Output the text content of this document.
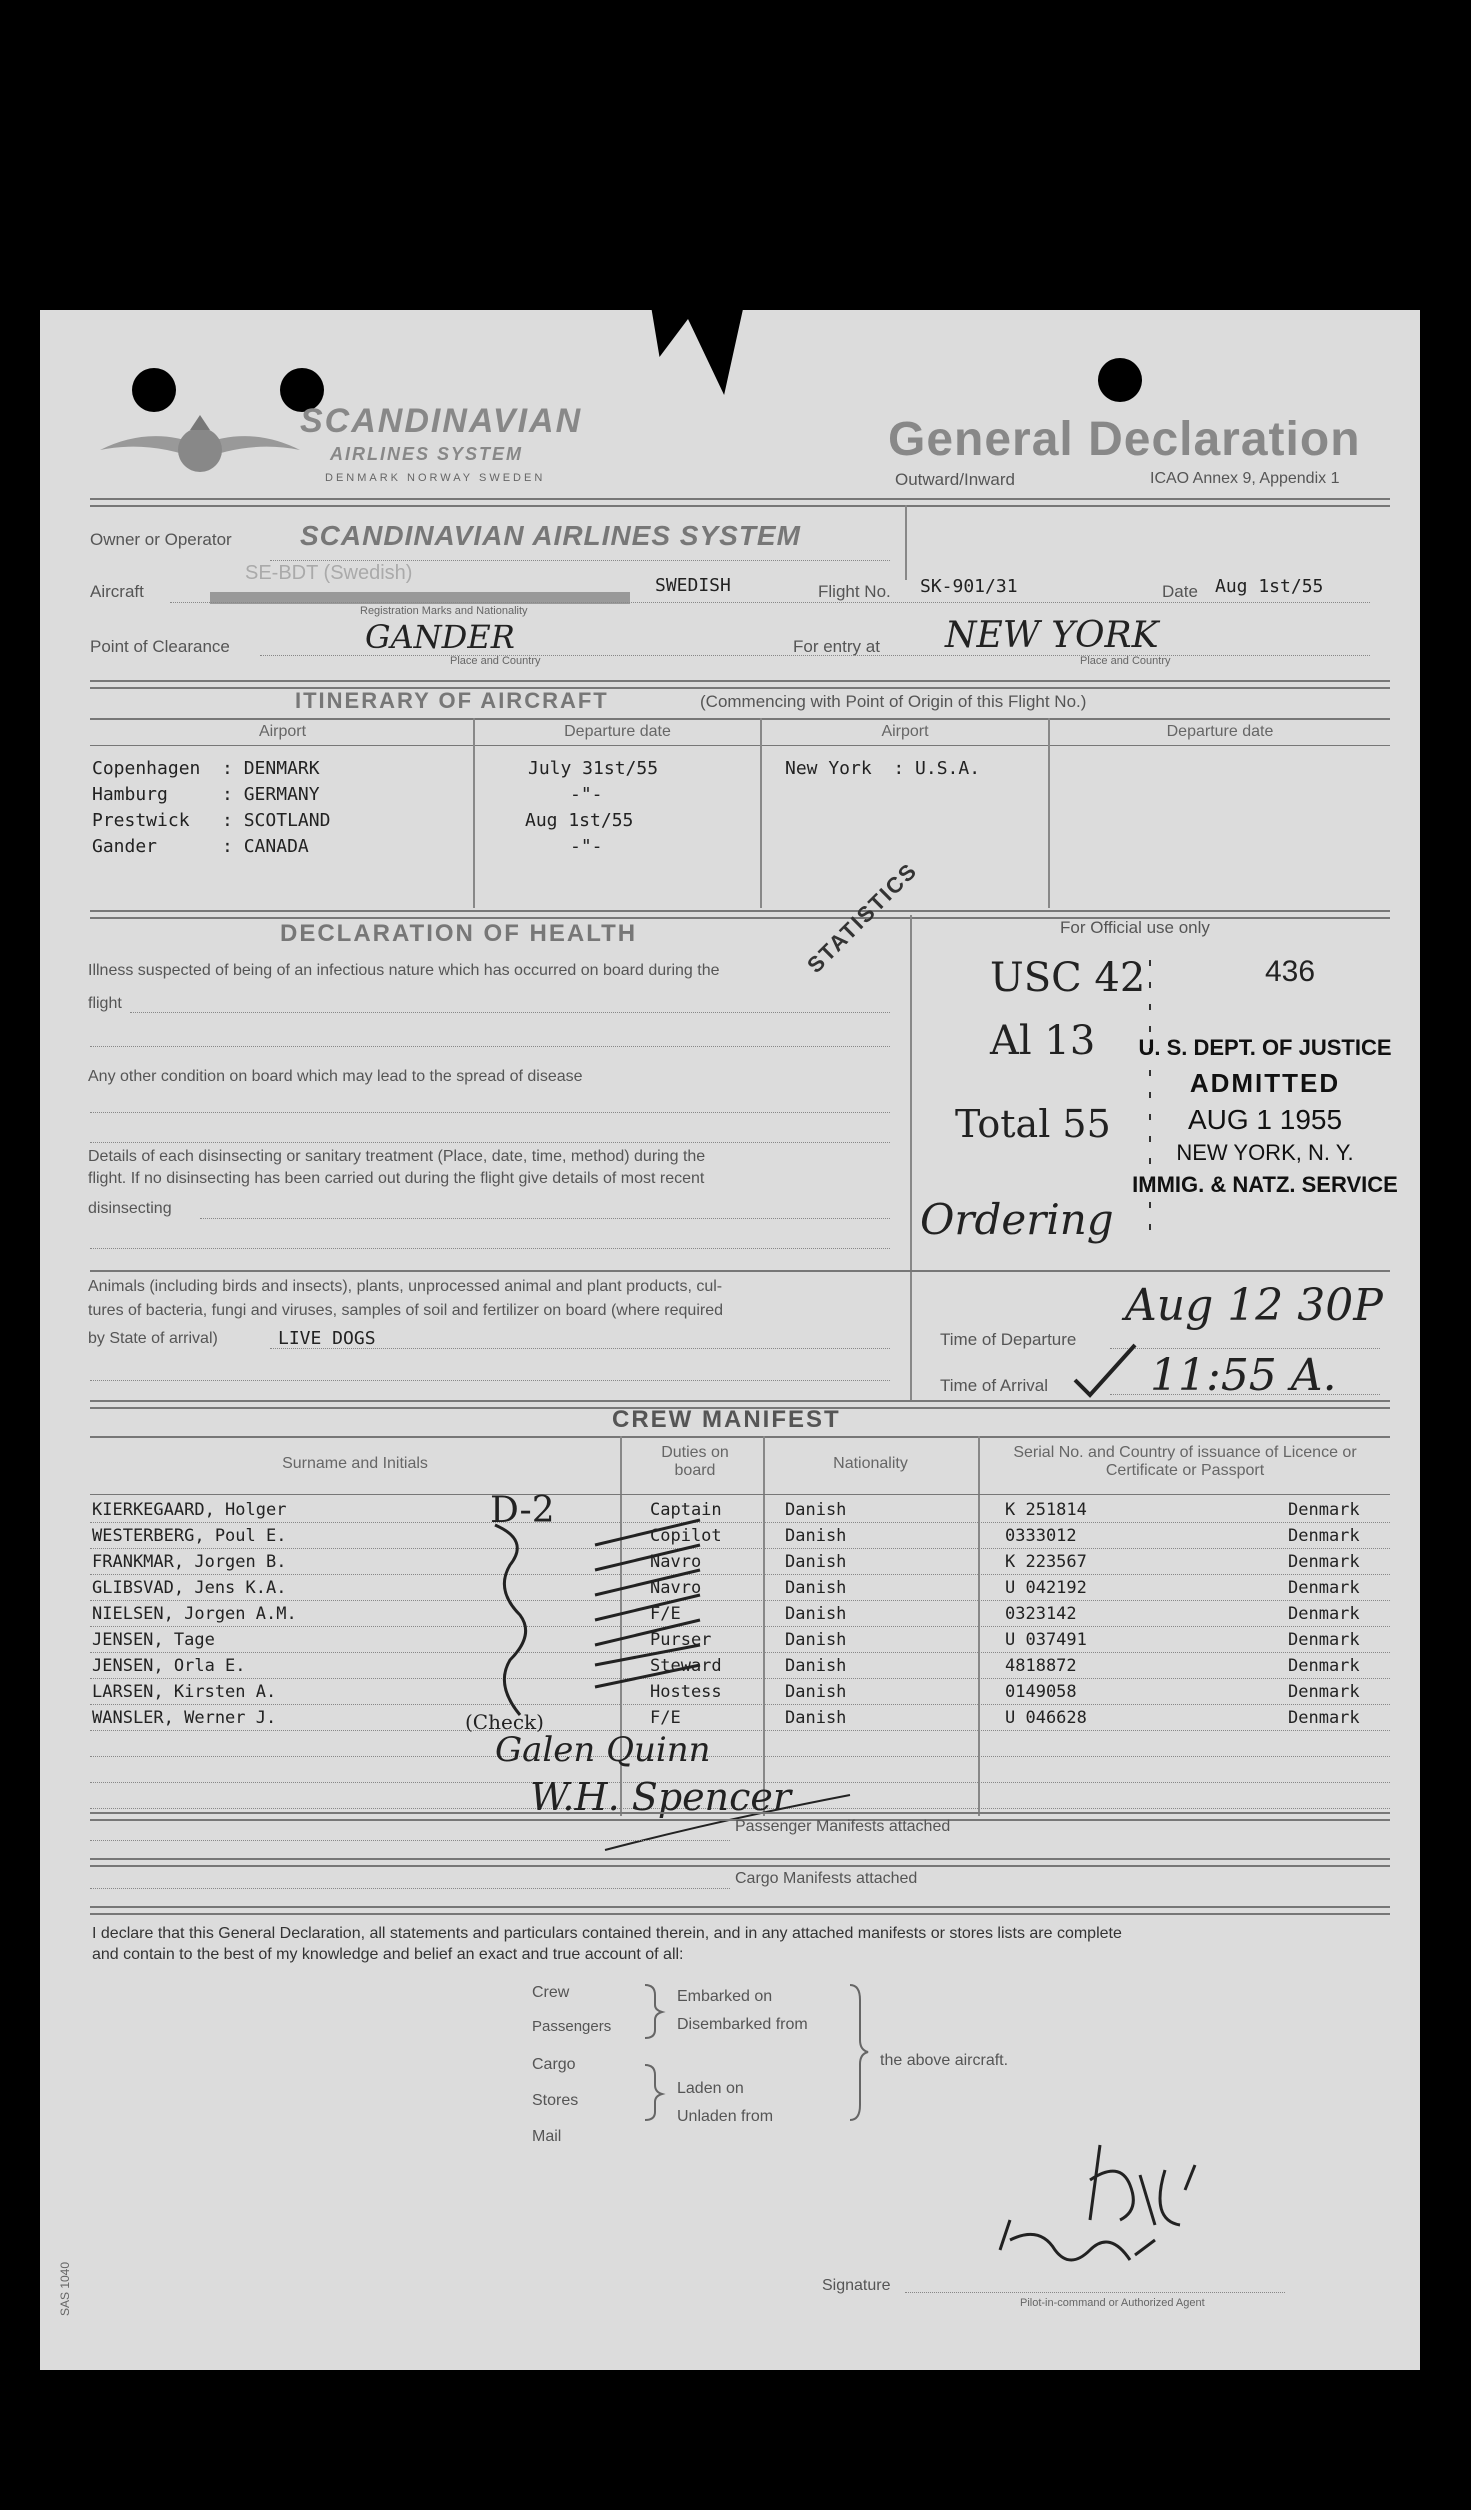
SCANDINAVIAN
AIRLINES SYSTEM
DENMARK NORWAY SWEDEN
General Declaration
Outward/Inward	ICAO Annex 9, Appendix 1
Owner or Operator SCANDINAVIAN AIRLINES SYSTEM
Aircraft
SE-BDT (Swedish)
SWEDISH
Registration Marks and Nationality
Flight No. SK-901/31	Date Aug 1st/55
Point of Clearance	GANDER
Place and Country
For entry at NEW YORK
Place and Country
ITINERARY OF AIRCRAFT	(Commencing with Point of Origin of this Flight No.)
Airport	Departure date	Airport	Departure date
Copenhagen  : DENMARK	July 31st/55	New York  : U.S.A.
Hamburg     : GERMANY	-"-
Prestwick   : SCOTLAND	Aug 1st/55
Gander      : CANADA	-"-
DECLARATION OF HEALTH	For Official use only
STATISTICS
Illness suspected of being of an infectious nature which has occurred on board during the
flight
Any other condition on board which may lead to the spread of disease
Details of each disinsecting or sanitary treatment (Place, date, time, method) during the
flight. If no disinsecting has been carried out during the flight give details of most recent
disinsecting
Animals (including birds and insects), plants, unprocessed animal and plant products, cul-
tures of bacteria, fungi and viruses, samples of soil and fertilizer on board (where required
by State of arrival)	LIVE DOGS
USC 42
Al 13
Total 55
Ordering
436
U. S. DEPT. OF JUSTICE
ADMITTED
AUG 1 1955
NEW YORK, N. Y.
IMMIG. & NATZ. SERVICE
Aug 12 30P
Time of Departure
Time of Arrival 11:55 A.
CREW MANIFEST
Surname and Initials
Duties on board	Nationality
Serial No. and Country of issuance of Licence or Certificate or Passport
KIERKEGAARD, Holger	Captain	Danish	K 251814	Denmark
WESTERBERG, Poul E.	Copilot	Danish	0333012	Denmark
FRANKMAR, Jorgen B.	Navro	Danish	K 223567	Denmark
GLIBSVAD, Jens K.A.	Navro	Danish	U 042192	Denmark
NIELSEN, Jorgen A.M.	F/E	Danish	0323142	Denmark
JENSEN, Tage	Purser	Danish	U 037491	Denmark
JENSEN, Orla E.	Steward	Danish	4818872	Denmark
LARSEN, Kirsten A.	Hostess	Danish	0149058	Denmark
WANSLER, Werner J.	F/E	Danish	U 046628	Denmark
D-2
(Check)
Galen Quinn
W.H. Spencer
Passenger Manifests attached
Cargo Manifests attached
I declare that this General Declaration, all statements and particulars contained therein, and in any attached manifests or stores lists are complete
and contain to the best of my knowledge and belief an exact and true account of all:
Crew
Passengers
Cargo
Stores
Mail
Embarked on
Disembarked from
Laden on
Unladen from
the above aircraft.
SAS 1040	Signature
Pilot-in-command or Authorized Agent
